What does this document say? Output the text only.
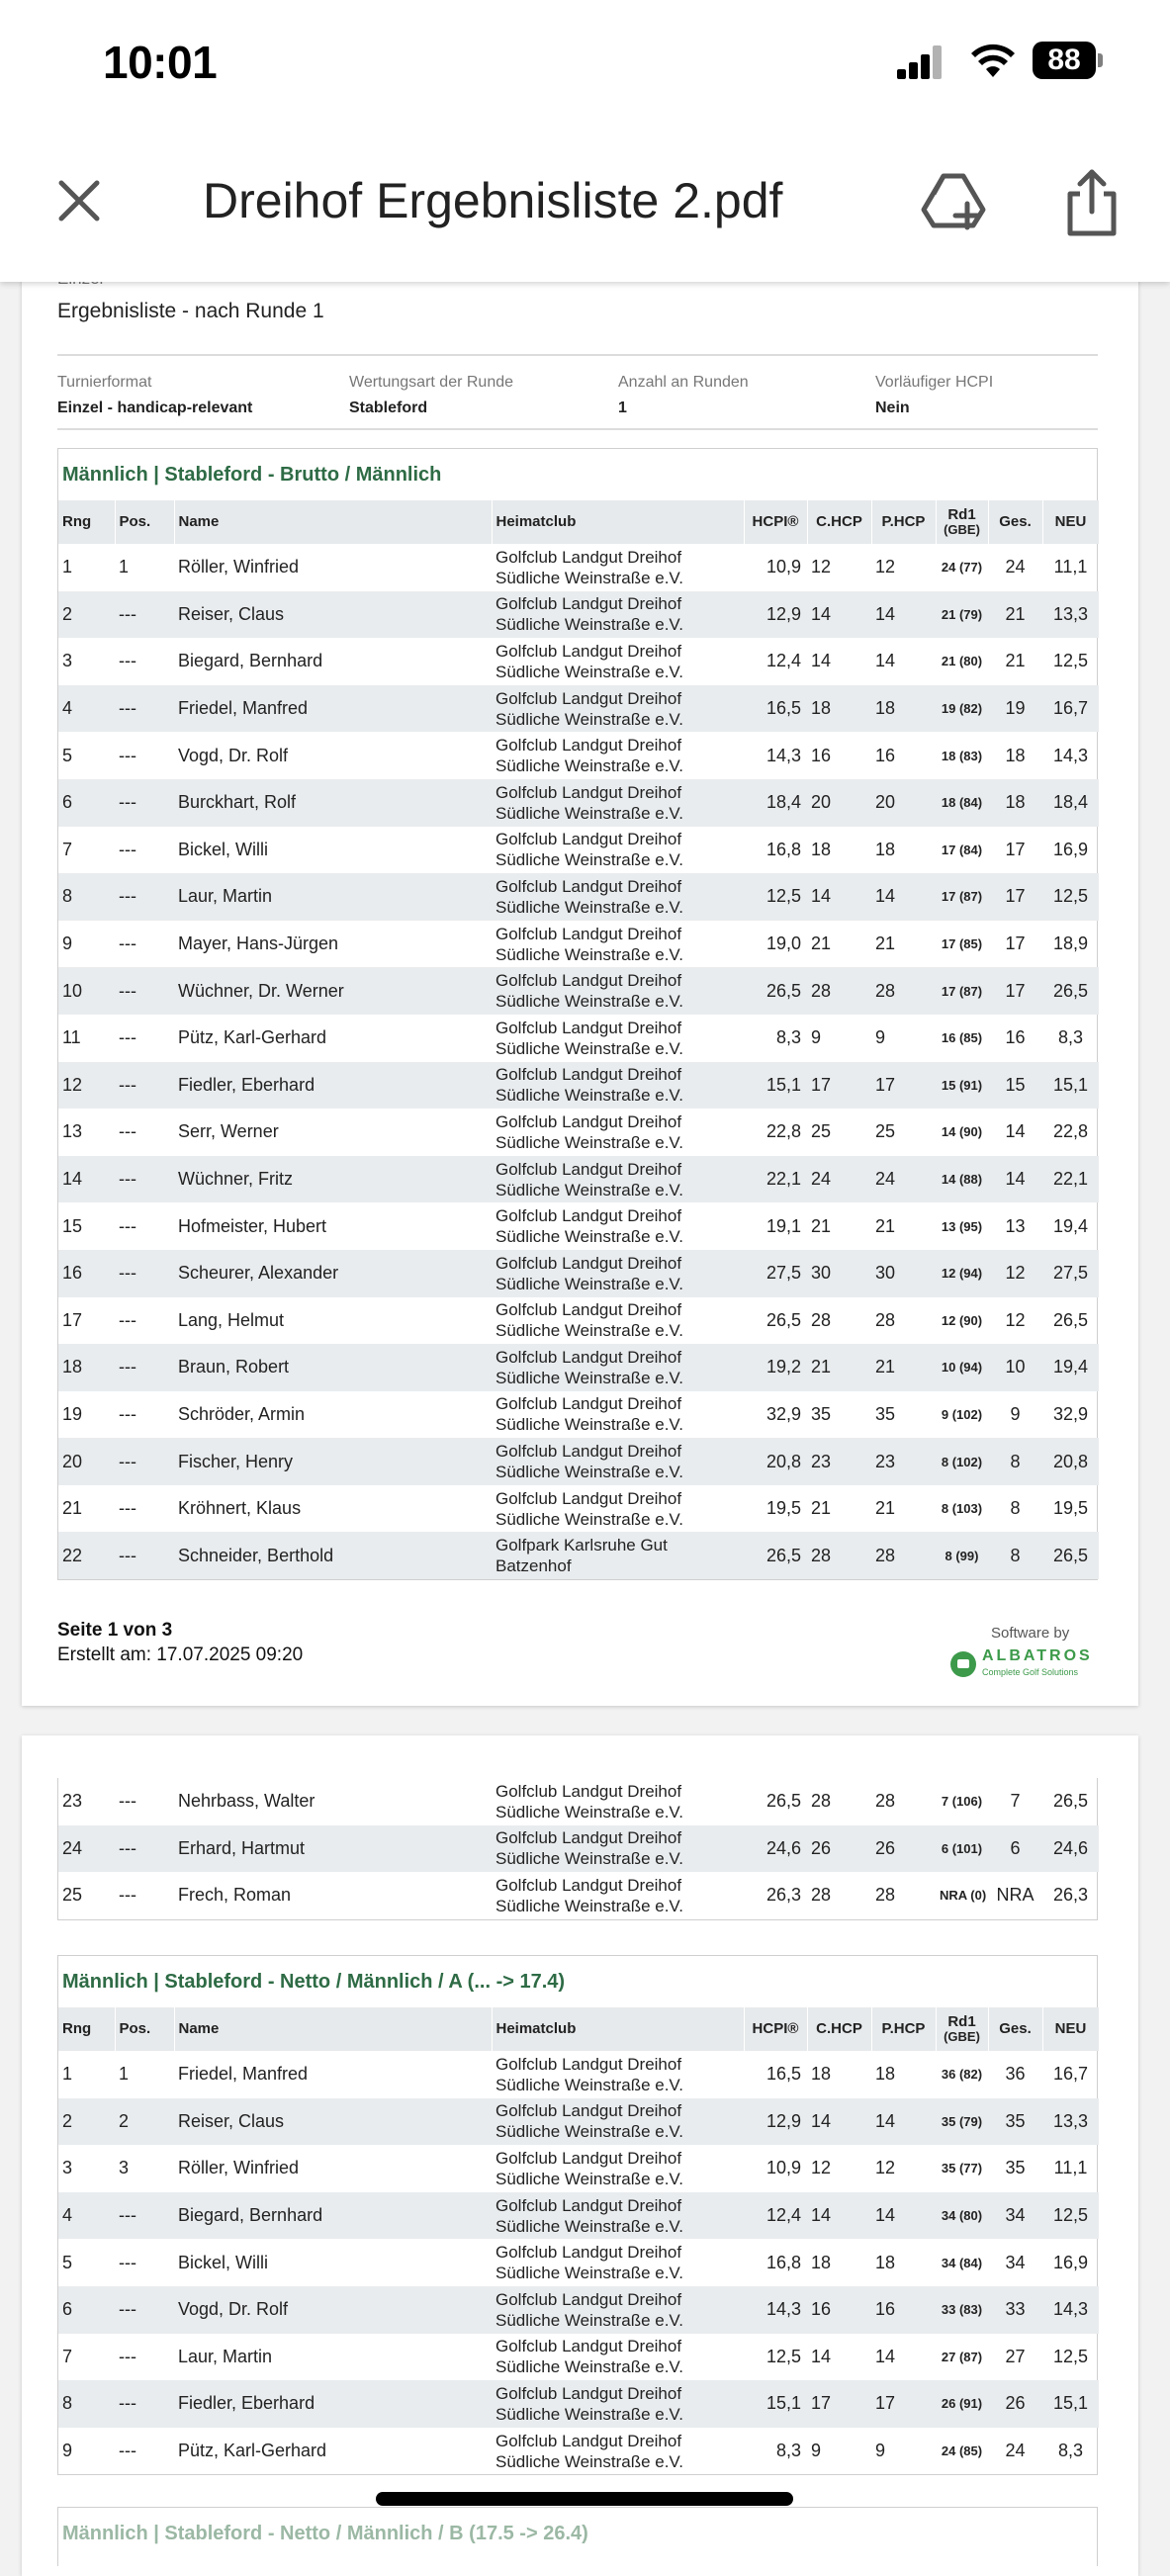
10:01	88
Dreihof Ergebnisliste 2.pdf
Ergebnisliste - nach Runde 1
Turnierformat
Einzel - handicap-relevant
Wertungsart der Runde
Stableford
Anzahl an Runden
1
Vorläufiger HCPI
Nein
Männlich | Stableford - Brutto / Männlich
Rng	Pos.	Name	Heimatclub	HCPI®	C.HCP	P.HCP	Rd1
(GBE)	Ges.	NEU
1	1	Röller, Winfried	Golfclub Landgut Dreihof
Südliche Weinstraße e.V.	10,9	12	12	24 (77)	24	11,1
2	---	Reiser, Claus	Golfclub Landgut Dreihof
Südliche Weinstraße e.V.	12,9	14	14	21 (79)	21	13,3
3	---	Biegard, Bernhard	Golfclub Landgut Dreihof
Südliche Weinstraße e.V.	12,4	14	14	21 (80)	21	12,5
4	---	Friedel, Manfred	Golfclub Landgut Dreihof
Südliche Weinstraße e.V.	16,5	18	18	19 (82)	19	16,7
5	---	Vogd, Dr. Rolf	Golfclub Landgut Dreihof
Südliche Weinstraße e.V.	14,3	16	16	18 (83)	18	14,3
6	---	Burckhart, Rolf	Golfclub Landgut Dreihof
Südliche Weinstraße e.V.	18,4	20	20	18 (84)	18	18,4
7	---	Bickel, Willi	Golfclub Landgut Dreihof
Südliche Weinstraße e.V.	16,8	18	18	17 (84)	17	16,9
8	---	Laur, Martin	Golfclub Landgut Dreihof
Südliche Weinstraße e.V.	12,5	14	14	17 (87)	17	12,5
9	---	Mayer, Hans-Jürgen	Golfclub Landgut Dreihof
Südliche Weinstraße e.V.	19,0	21	21	17 (85)	17	18,9
10	---	Wüchner, Dr. Werner	Golfclub Landgut Dreihof
Südliche Weinstraße e.V.	26,5	28	28	17 (87)	17	26,5
11	---	Pütz, Karl-Gerhard	Golfclub Landgut Dreihof
Südliche Weinstraße e.V.	8,3	9	9	16 (85)	16	8,3
12	---	Fiedler, Eberhard	Golfclub Landgut Dreihof
Südliche Weinstraße e.V.	15,1	17	17	15 (91)	15	15,1
13	---	Serr, Werner	Golfclub Landgut Dreihof
Südliche Weinstraße e.V.	22,8	25	25	14 (90)	14	22,8
14	---	Wüchner, Fritz	Golfclub Landgut Dreihof
Südliche Weinstraße e.V.	22,1	24	24	14 (88)	14	22,1
15	---	Hofmeister, Hubert	Golfclub Landgut Dreihof
Südliche Weinstraße e.V.	19,1	21	21	13 (95)	13	19,4
16	---	Scheurer, Alexander	Golfclub Landgut Dreihof
Südliche Weinstraße e.V.	27,5	30	30	12 (94)	12	27,5
17	---	Lang, Helmut	Golfclub Landgut Dreihof
Südliche Weinstraße e.V.	26,5	28	28	12 (90)	12	26,5
18	---	Braun, Robert	Golfclub Landgut Dreihof
Südliche Weinstraße e.V.	19,2	21	21	10 (94)	10	19,4
19	---	Schröder, Armin	Golfclub Landgut Dreihof
Südliche Weinstraße e.V.	32,9	35	35	9 (102)	9	32,9
20	---	Fischer, Henry	Golfclub Landgut Dreihof
Südliche Weinstraße e.V.	20,8	23	23	8 (102)	8	20,8
21	---	Kröhnert, Klaus	Golfclub Landgut Dreihof
Südliche Weinstraße e.V.	19,5	21	21	8 (103)	8	19,5
22	---	Schneider, Berthold	Golfpark Karlsruhe Gut
Batzenhof	26,5	28	28	8 (99)	8	26,5
Seite 1 von 3
Erstellt am: 17.07.2025 09:20
Software by
ALBATROS
Complete Golf Solutions
23	---	Nehrbass, Walter	Golfclub Landgut Dreihof
Südliche Weinstraße e.V.	26,5	28	28	7 (106)	7	26,5
24	---	Erhard, Hartmut	Golfclub Landgut Dreihof
Südliche Weinstraße e.V.	24,6	26	26	6 (101)	6	24,6
25	---	Frech, Roman	Golfclub Landgut Dreihof
Südliche Weinstraße e.V.	26,3	28	28	NRA (0)	NRA	26,3
Männlich | Stableford - Netto / Männlich / A (... -> 17.4)
Rng	Pos.	Name	Heimatclub	HCPI®	C.HCP	P.HCP	Rd1
(GBE)	Ges.	NEU
1	1	Friedel, Manfred	Golfclub Landgut Dreihof
Südliche Weinstraße e.V.	16,5	18	18	36 (82)	36	16,7
2	2	Reiser, Claus	Golfclub Landgut Dreihof
Südliche Weinstraße e.V.	12,9	14	14	35 (79)	35	13,3
3	3	Röller, Winfried	Golfclub Landgut Dreihof
Südliche Weinstraße e.V.	10,9	12	12	35 (77)	35	11,1
4	---	Biegard, Bernhard	Golfclub Landgut Dreihof
Südliche Weinstraße e.V.	12,4	14	14	34 (80)	34	12,5
5	---	Bickel, Willi	Golfclub Landgut Dreihof
Südliche Weinstraße e.V.	16,8	18	18	34 (84)	34	16,9
6	---	Vogd, Dr. Rolf	Golfclub Landgut Dreihof
Südliche Weinstraße e.V.	14,3	16	16	33 (83)	33	14,3
7	---	Laur, Martin	Golfclub Landgut Dreihof
Südliche Weinstraße e.V.	12,5	14	14	27 (87)	27	12,5
8	---	Fiedler, Eberhard	Golfclub Landgut Dreihof
Südliche Weinstraße e.V.	15,1	17	17	26 (91)	26	15,1
9	---	Pütz, Karl-Gerhard	Golfclub Landgut Dreihof
Südliche Weinstraße e.V.	8,3	9	9	24 (85)	24	8,3
Männlich | Stableford - Netto / Männlich / B (17.5 -> 26.4)
